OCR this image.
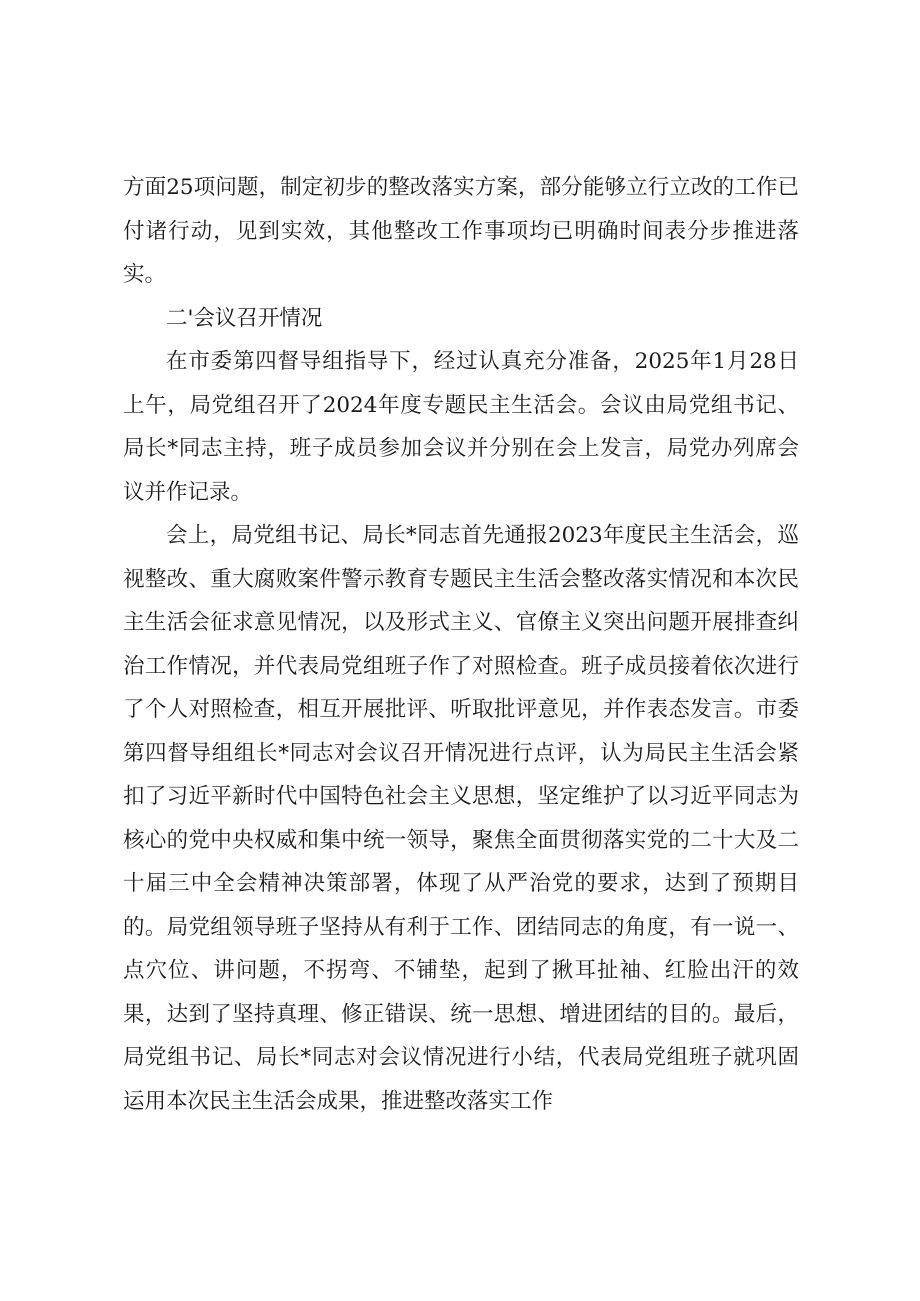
方面25项问题，制定初步的整改落实方案，部分能够立行立改的工作已付诸行动，见到实效，其他整改工作事项均已明确时间表分步推进落实。

二'会议召开情况

在市委第四督导组指导下，经过认真充分准备，2025年1月28日上午，局党组召开了2024年度专题民主生活会。会议由局党组书记、局长*同志主持，班子成员参加会议并分别在会上发言，局党办列席会议并作记录。

会上，局党组书记、局长*同志首先通报2023年度民主生活会，巡视整改、重大腐败案件警示教育专题民主生活会整改落实情况和本次民主生活会征求意见情况，以及形式主义、官僚主义突出问题开展排查纠治工作情况，并代表局党组班子作了对照检查。班子成员接着依次进行了个人对照检查，相互开展批评、听取批评意见，并作表态发言。市委第四督导组组长*同志对会议召开情况进行点评，认为局民主生活会紧扣了习近平新时代中国特色社会主义思想，坚定维护了以习近平同志为核心的党中央权威和集中统一领导，聚焦全面贯彻落实党的二十大及二十届三中全会精神决策部署，体现了从严治党的要求，达到了预期目的。局党组领导班子坚持从有利于工作、团结同志的角度，有一说一、点穴位、讲问题，不拐弯、不铺垫，起到了揪耳扯袖、红脸出汗的效果，达到了坚持真理、修正错误、统一思想、增进团结的目的。最后，局党组书记、局长*同志对会议情况进行小结，代表局党组班子就巩固运用本次民主生活会成果，推进整改落实工作
